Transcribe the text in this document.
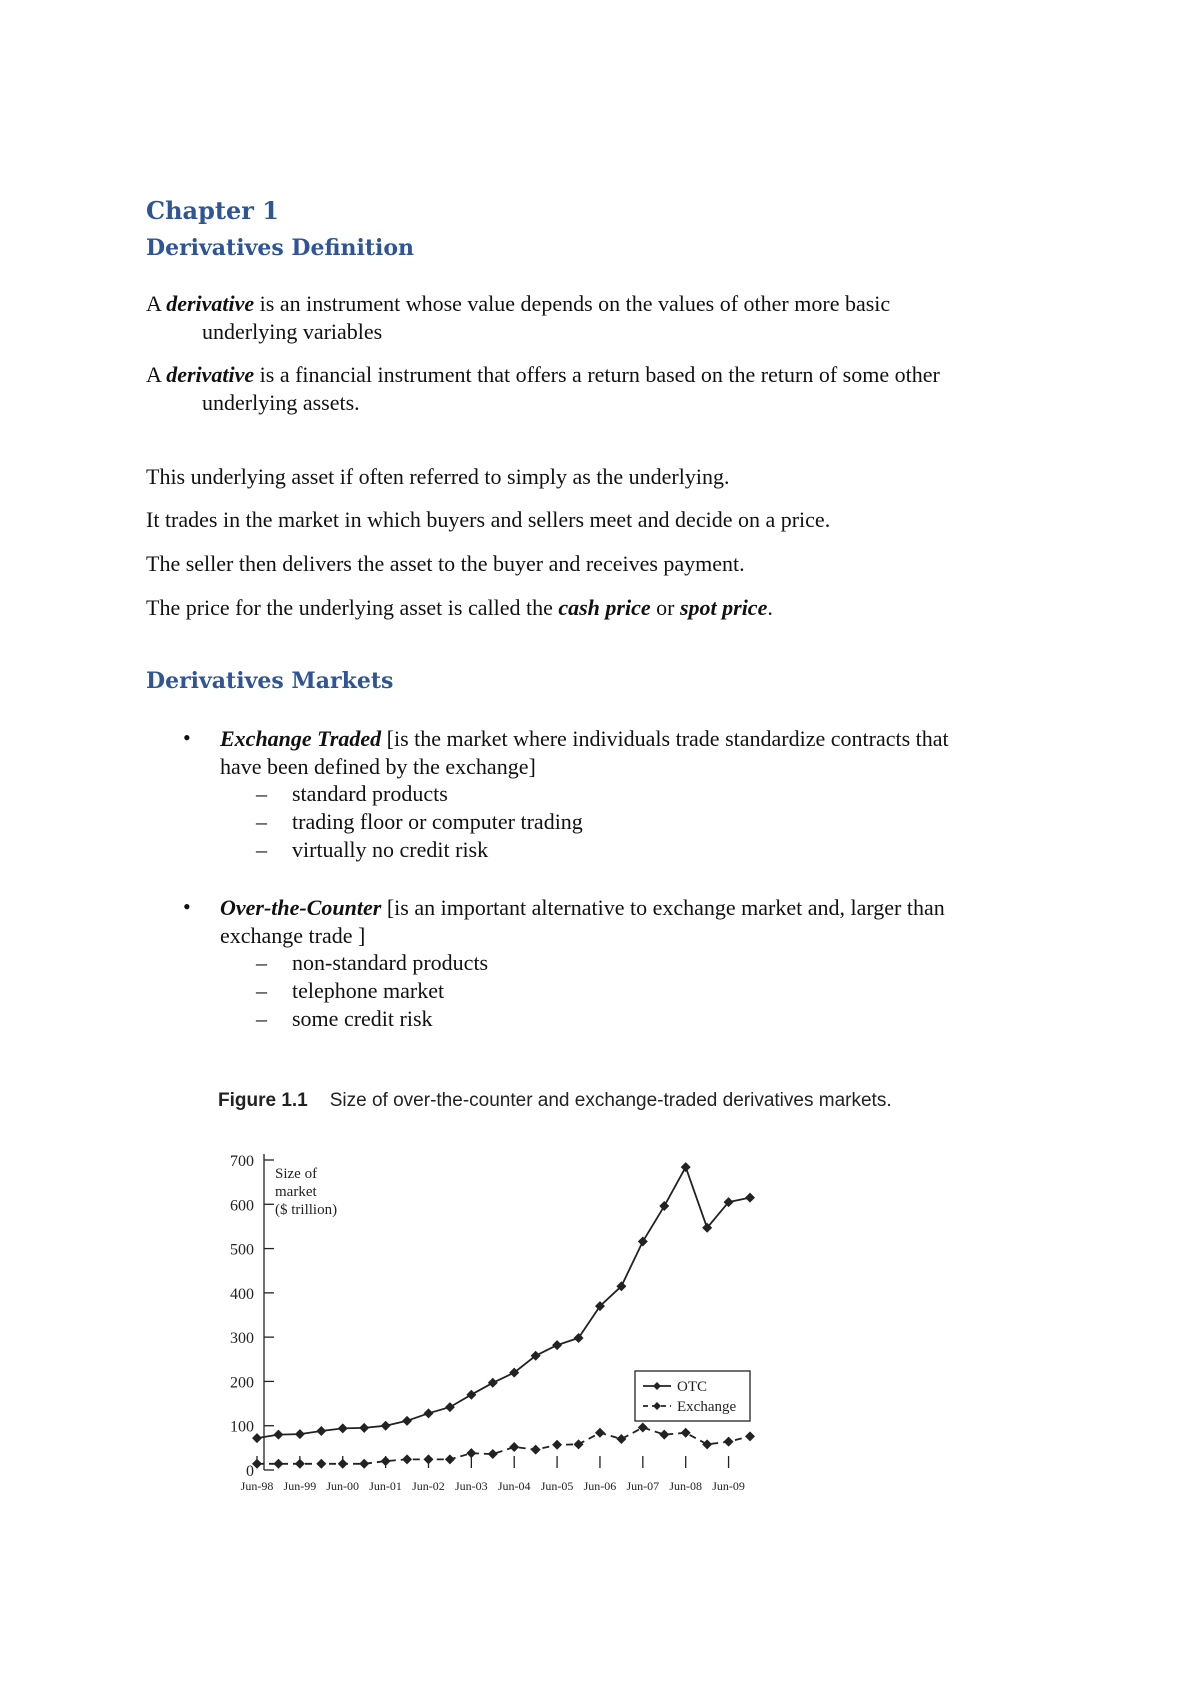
Chapter 1
Derivatives Definition
A derivative is an instrument whose value depends on the values of other more basic
underlying variables
A derivative is a financial instrument that offers a return based on the return of some other
underlying assets.
This underlying asset if often referred to simply as the underlying.
It trades in the market in which buyers and sellers meet and decide on a price.
The seller then delivers the asset to the buyer and receives payment.
The price for the underlying asset is called the cash price or spot price.
Derivatives Markets
• Exchange Traded [is the market where individuals trade standardize contracts that
have been defined by the exchange]
– standard products
– trading floor or computer trading
– virtually no credit risk
• Over-the-Counter [is an important alternative to exchange market and, larger than
exchange trade ]
– non-standard products
– telephone market
– some credit risk
Figure 1.1 Size of over-the-counter and exchange-traded derivatives markets.
0
100
200
300
400
500
600
700
Size of
market
($ trillion)
Jun-98 Jun-99 Jun-00 Jun-01 Jun-02 Jun-03 Jun-04 Jun-05 Jun-06 Jun-07 Jun-08 Jun-09
OTC
Exchange
